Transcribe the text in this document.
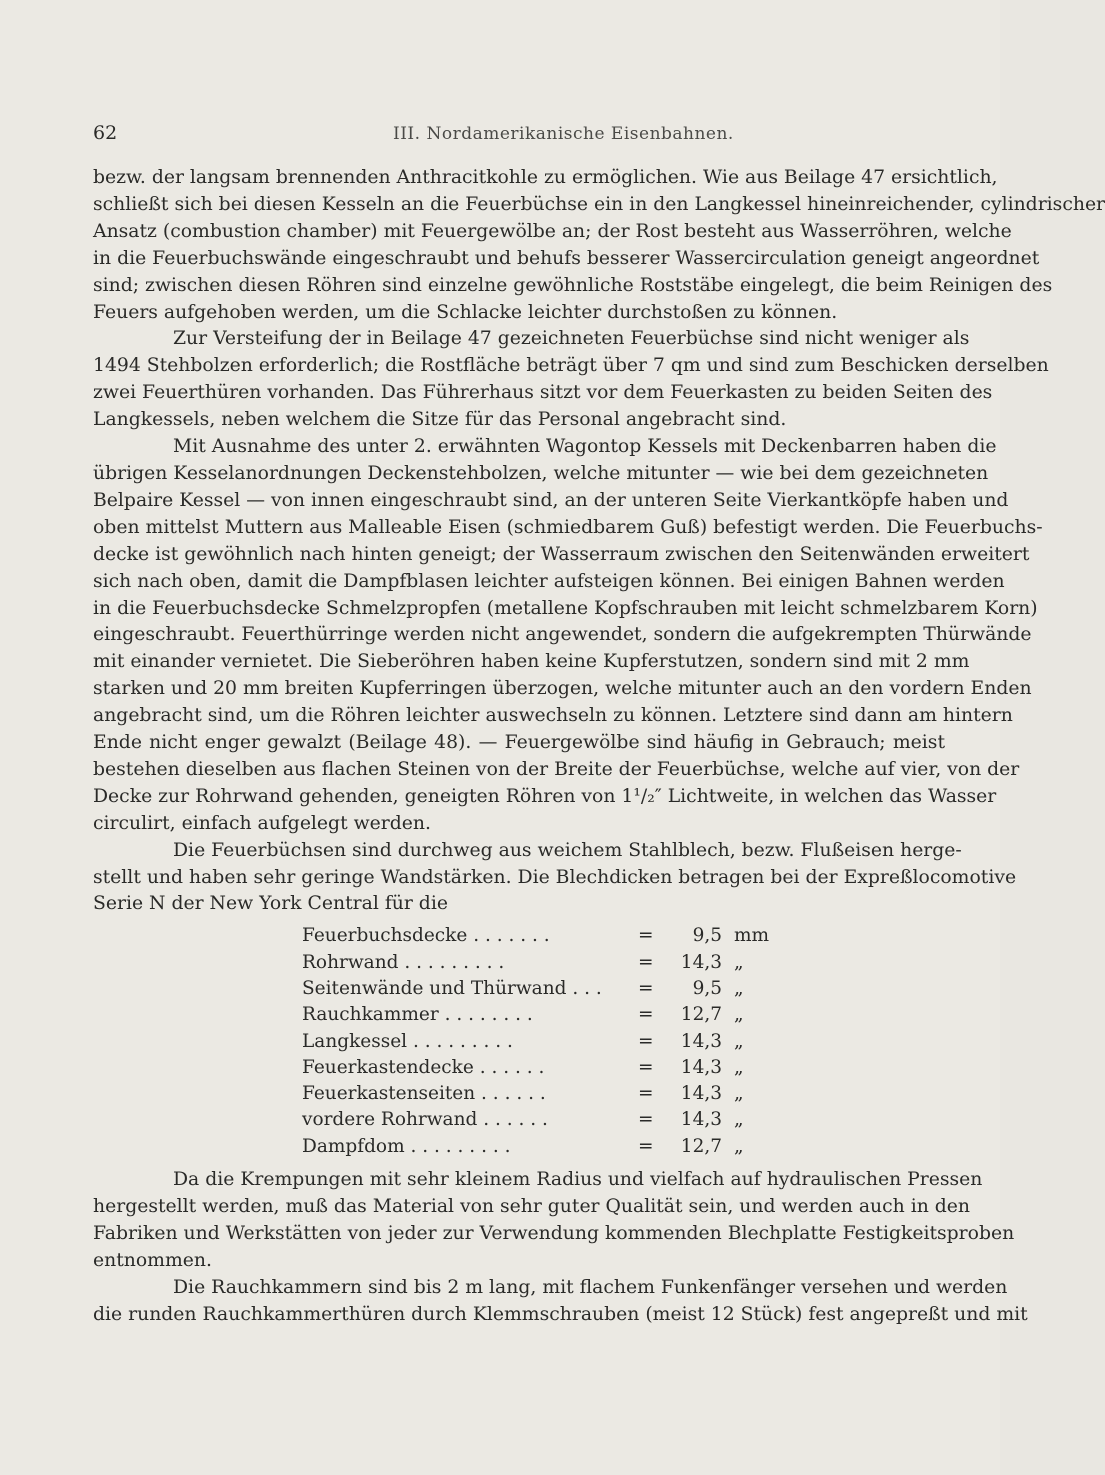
62	III. Nordamerikanische Eisenbahnen.
bezw. der langsam brennenden Anthracitkohle zu ermöglichen. Wie aus Beilage 47 ersichtlich,
schließt sich bei diesen Kesseln an die Feuerbüchse ein in den Langkessel hineinreichender, cylindrischer
Ansatz (combustion chamber) mit Feuergewölbe an; der Rost besteht aus Wasserröhren, welche
in die Feuerbuchswände eingeschraubt und behufs besserer Wassercirculation geneigt angeordnet
sind; zwischen diesen Röhren sind einzelne gewöhnliche Roststäbe eingelegt, die beim Reinigen des
Feuers aufgehoben werden, um die Schlacke leichter durchstoßen zu können.
Zur Versteifung der in Beilage 47 gezeichneten Feuerbüchse sind nicht weniger als
1494 Stehbolzen erforderlich; die Rostfläche beträgt über 7 qm und sind zum Beschicken derselben
zwei Feuerthüren vorhanden. Das Führerhaus sitzt vor dem Feuerkasten zu beiden Seiten des
Langkessels, neben welchem die Sitze für das Personal angebracht sind.
Mit Ausnahme des unter 2. erwähnten Wagontop Kessels mit Deckenbarren haben die
übrigen Kesselanordnungen Deckenstehbolzen, welche mitunter — wie bei dem gezeichneten
Belpaire Kessel — von innen eingeschraubt sind, an der unteren Seite Vierkantköpfe haben und
oben mittelst Muttern aus Malleable Eisen (schmiedbarem Guß) befestigt werden. Die Feuerbuchs-
decke ist gewöhnlich nach hinten geneigt; der Wasserraum zwischen den Seitenwänden erweitert
sich nach oben, damit die Dampfblasen leichter aufsteigen können. Bei einigen Bahnen werden
in die Feuerbuchsdecke Schmelzpropfen (metallene Kopfschrauben mit leicht schmelzbarem Korn)
eingeschraubt. Feuerthürringe werden nicht angewendet, sondern die aufgekrempten Thürwände
mit einander vernietet. Die Sieberöhren haben keine Kupferstutzen, sondern sind mit 2 mm
starken und 20 mm breiten Kupferringen überzogen, welche mitunter auch an den vordern Enden
angebracht sind, um die Röhren leichter auswechseln zu können. Letztere sind dann am hintern
Ende nicht enger gewalzt (Beilage 48). — Feuergewölbe sind häufig in Gebrauch; meist
bestehen dieselben aus flachen Steinen von der Breite der Feuerbüchse, welche auf vier, von der
Decke zur Rohrwand gehenden, geneigten Röhren von 1¹/₂″ Lichtweite, in welchen das Wasser
circulirt, einfach aufgelegt werden.
Die Feuerbüchsen sind durchweg aus weichem Stahlblech, bezw. Flußeisen herge-
stellt und haben sehr geringe Wandstärken. Die Blechdicken betragen bei der Expreßlocomotive
Serie N der New York Central für die
Feuerbuchsdecke . . . . . . .	=	9,5 mm
Rohrwand . . . . . . . . .	=	14,3 „
Seitenwände und Thürwand . . . =	9,5 „
Rauchkammer . . . . . . . .	=	12,7 „
Langkessel . . . . . . . . .	=	14,3 „
Feuerkastendecke . . . . . .	=	14,3 „
Feuerkastenseiten . . . . . .	=	14,3 „
vordere Rohrwand . . . . . .	=	14,3 „
Dampfdom . . . . . . . . .	=	12,7 „
Da die Krempungen mit sehr kleinem Radius und vielfach auf hydraulischen Pressen
hergestellt werden, muß das Material von sehr guter Qualität sein, und werden auch in den
Fabriken und Werkstätten von jeder zur Verwendung kommenden Blechplatte Festigkeitsproben
entnommen.
Die Rauchkammern sind bis 2 m lang, mit flachem Funkenfänger versehen und werden
die runden Rauchkammerthüren durch Klemmschrauben (meist 12 Stück) fest angepreßt und mit
